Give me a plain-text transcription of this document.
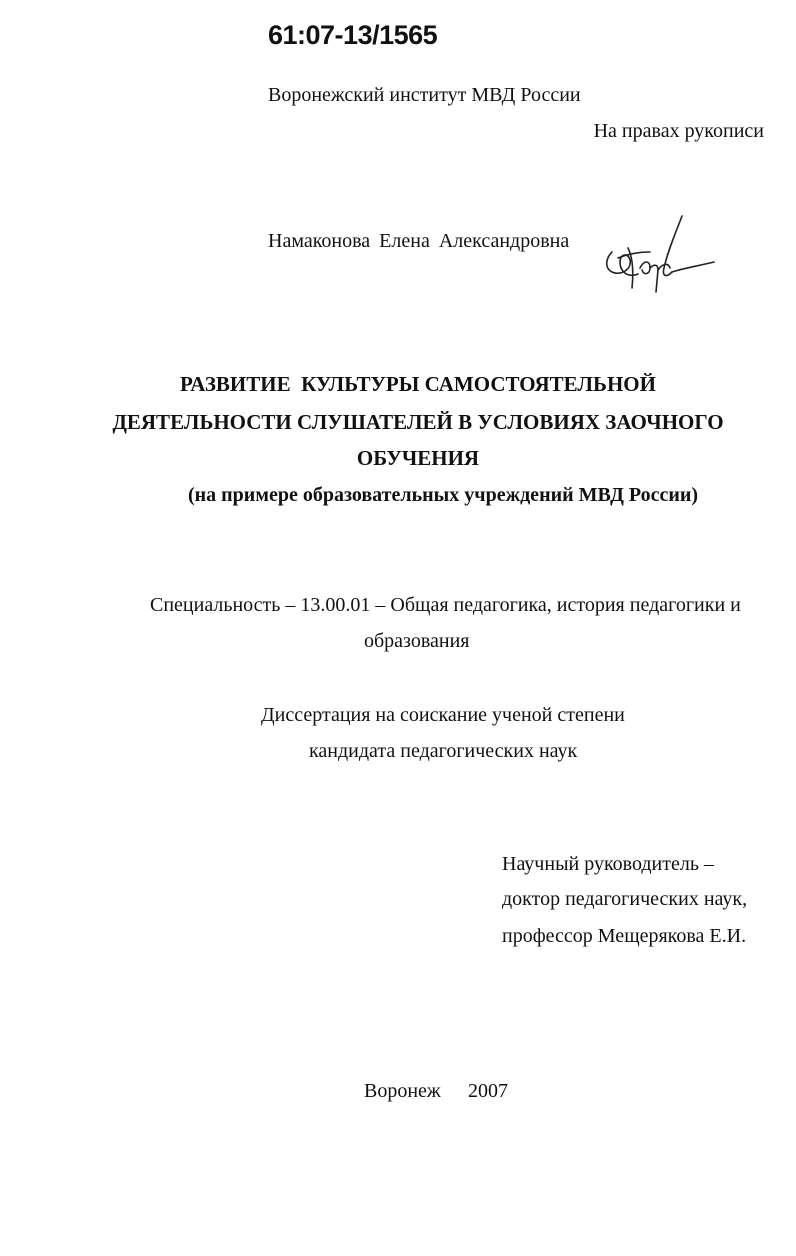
61:07-13/1565
Воронежский институт МВД России
На правах рукописи
Намаконова Елена Александровна
РАЗВИТИЕ  КУЛЬТУРЫ САМОСТОЯТЕЛЬНОЙ
ДЕЯТЕЛЬНОСТИ СЛУШАТЕЛЕЙ В УСЛОВИЯХ ЗАОЧНОГО
ОБУЧЕНИЯ
(на примере образовательных учреждений МВД России)
Специальность – 13.00.01 – Общая педагогика, история педагогики и
образования
Диссертация на соискание ученой степени
кандидата педагогических наук
Научный руководитель –
доктор педагогических наук,
профессор Мещерякова Е.И.
Воронеж 2007
